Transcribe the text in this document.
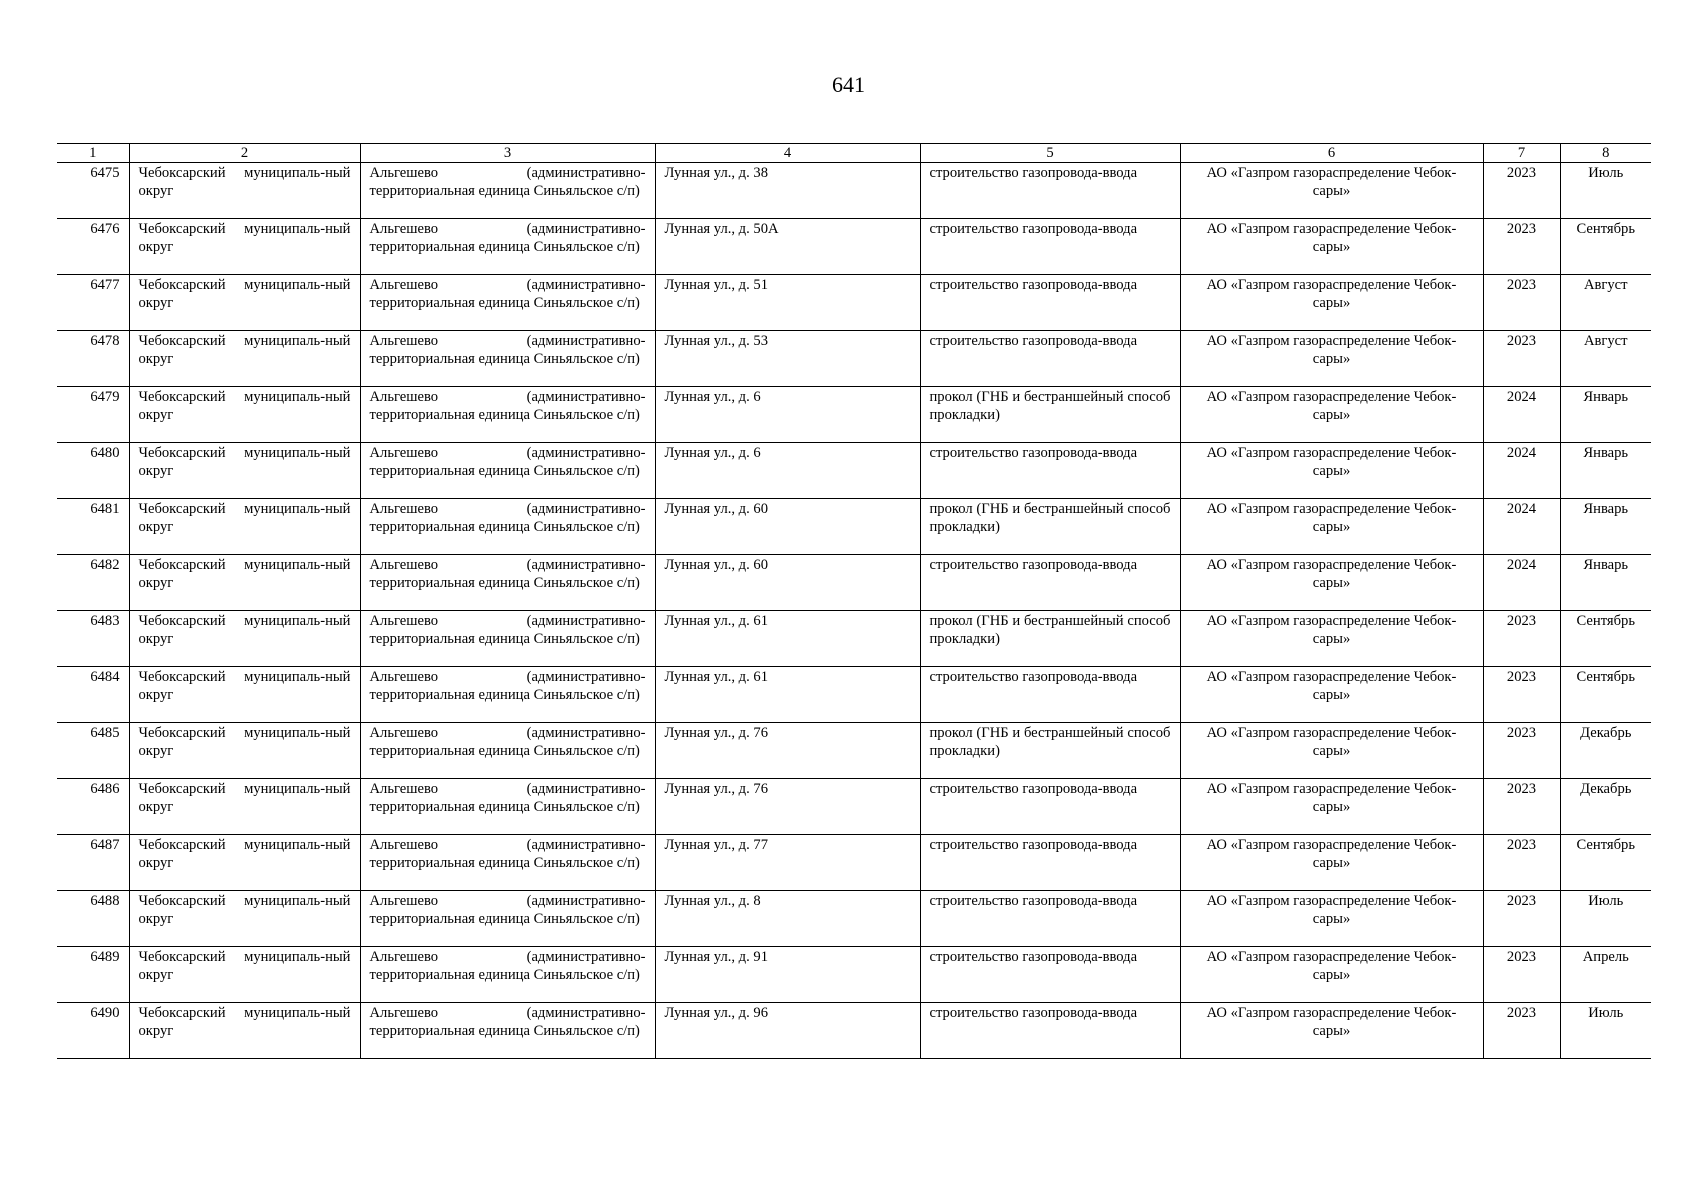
641
1	2	3	4	5	6	7	8
6475	Чебоксарский муниципаль-ный округ	Альгешево (административно-территориальная единица Синьяльское с/п)	Лунная ул., д. 38	строительство газопровода-ввода	АО «Газпром газораспределение Чебок-сары»	2023	Июль
6476	Чебоксарский муниципаль-ный округ	Альгешево (административно-территориальная единица Синьяльское с/п)	Лунная ул., д. 50А	строительство газопровода-ввода	АО «Газпром газораспределение Чебок-сары»	2023	Сентябрь
6477	Чебоксарский муниципаль-ный округ	Альгешево (административно-территориальная единица Синьяльское с/п)	Лунная ул., д. 51	строительство газопровода-ввода	АО «Газпром газораспределение Чебок-сары»	2023	Август
6478	Чебоксарский муниципаль-ный округ	Альгешево (административно-территориальная единица Синьяльское с/п)	Лунная ул., д. 53	строительство газопровода-ввода	АО «Газпром газораспределение Чебок-сары»	2023	Август
6479	Чебоксарский муниципаль-ный округ	Альгешево (административно-территориальная единица Синьяльское с/п)	Лунная ул., д. 6	прокол (ГНБ и бестраншейный способ прокладки)	АО «Газпром газораспределение Чебок-сары»	2024	Январь
6480	Чебоксарский муниципаль-ный округ	Альгешево (административно-территориальная единица Синьяльское с/п)	Лунная ул., д. 6	строительство газопровода-ввода	АО «Газпром газораспределение Чебок-сары»	2024	Январь
6481	Чебоксарский муниципаль-ный округ	Альгешево (административно-территориальная единица Синьяльское с/п)	Лунная ул., д. 60	прокол (ГНБ и бестраншейный способ прокладки)	АО «Газпром газораспределение Чебок-сары»	2024	Январь
6482	Чебоксарский муниципаль-ный округ	Альгешево (административно-территориальная единица Синьяльское с/п)	Лунная ул., д. 60	строительство газопровода-ввода	АО «Газпром газораспределение Чебок-сары»	2024	Январь
6483	Чебоксарский муниципаль-ный округ	Альгешево (административно-территориальная единица Синьяльское с/п)	Лунная ул., д. 61	прокол (ГНБ и бестраншейный способ прокладки)	АО «Газпром газораспределение Чебок-сары»	2023	Сентябрь
6484	Чебоксарский муниципаль-ный округ	Альгешево (административно-территориальная единица Синьяльское с/п)	Лунная ул., д. 61	строительство газопровода-ввода	АО «Газпром газораспределение Чебок-сары»	2023	Сентябрь
6485	Чебоксарский муниципаль-ный округ	Альгешево (административно-территориальная единица Синьяльское с/п)	Лунная ул., д. 76	прокол (ГНБ и бестраншейный способ прокладки)	АО «Газпром газораспределение Чебок-сары»	2023	Декабрь
6486	Чебоксарский муниципаль-ный округ	Альгешево (административно-территориальная единица Синьяльское с/п)	Лунная ул., д. 76	строительство газопровода-ввода	АО «Газпром газораспределение Чебок-сары»	2023	Декабрь
6487	Чебоксарский муниципаль-ный округ	Альгешево (административно-территориальная единица Синьяльское с/п)	Лунная ул., д. 77	строительство газопровода-ввода	АО «Газпром газораспределение Чебок-сары»	2023	Сентябрь
6488	Чебоксарский муниципаль-ный округ	Альгешево (административно-территориальная единица Синьяльское с/п)	Лунная ул., д. 8	строительство газопровода-ввода	АО «Газпром газораспределение Чебок-сары»	2023	Июль
6489	Чебоксарский муниципаль-ный округ	Альгешево (административно-территориальная единица Синьяльское с/п)	Лунная ул., д. 91	строительство газопровода-ввода	АО «Газпром газораспределение Чебок-сары»	2023	Апрель
6490	Чебоксарский муниципаль-ный округ	Альгешево (административно-территориальная единица Синьяльское с/п)	Лунная ул., д. 96	строительство газопровода-ввода	АО «Газпром газораспределение Чебок-сары»	2023	Июль
